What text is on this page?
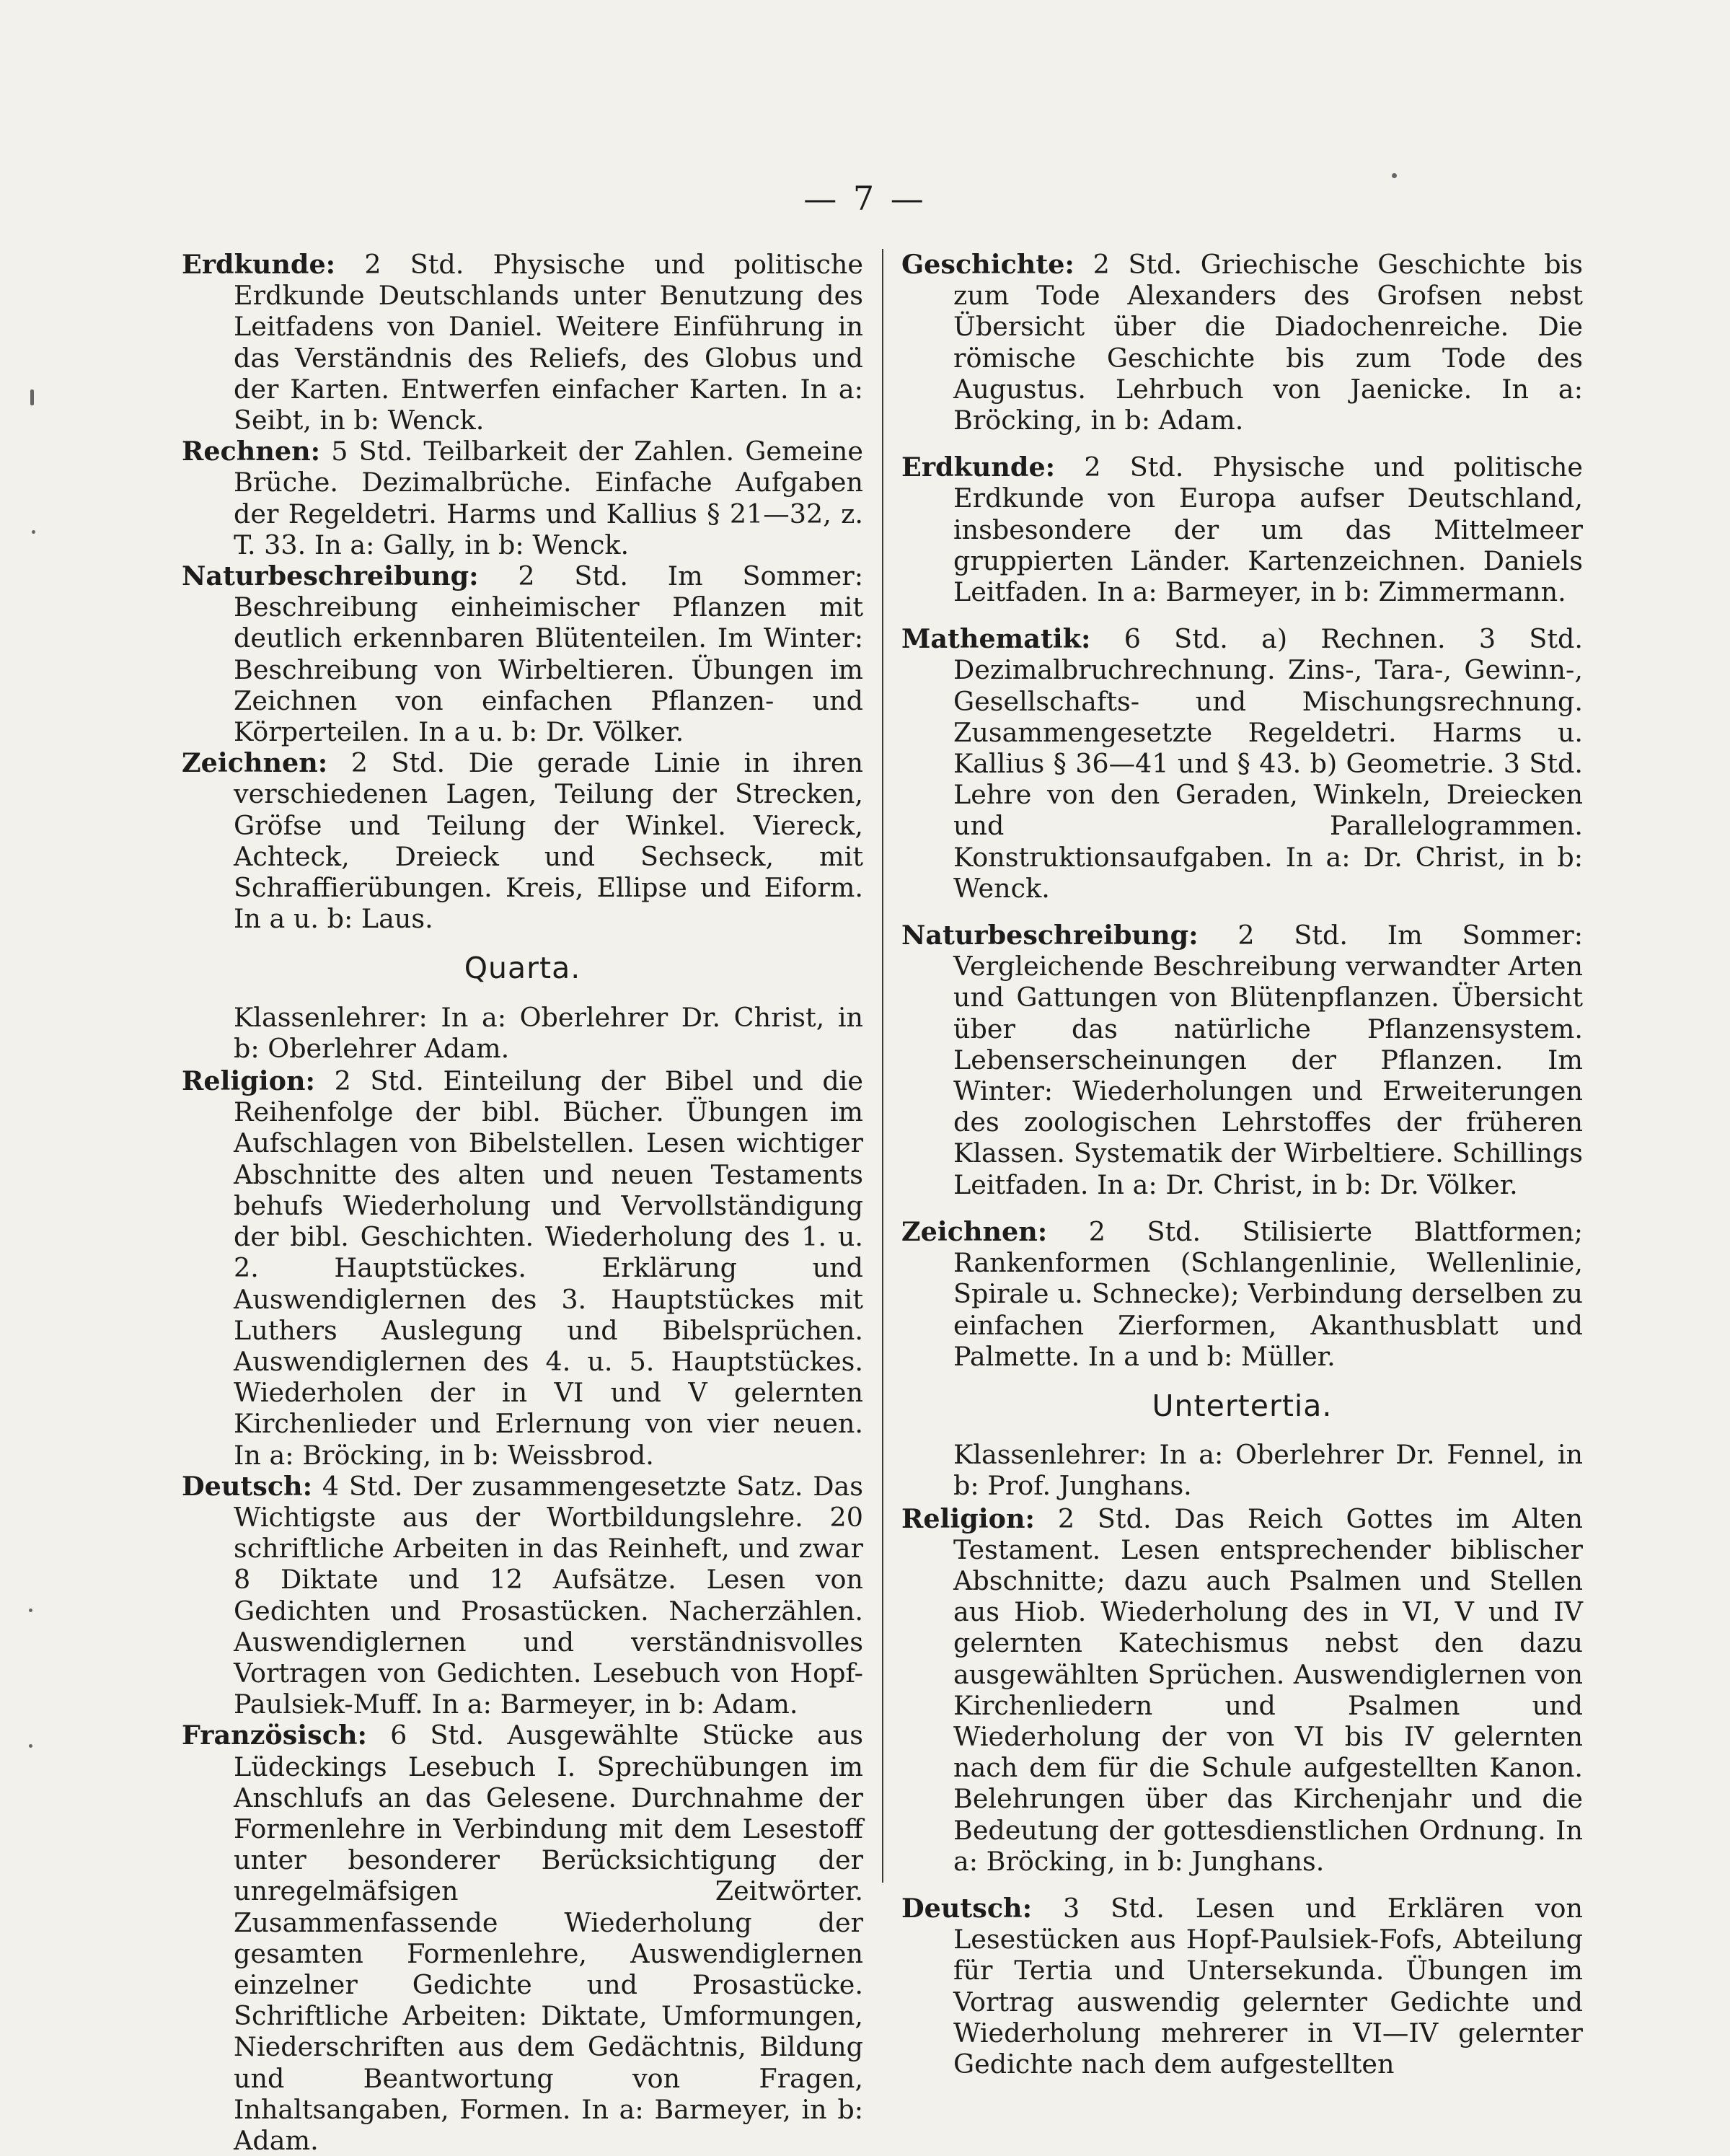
— 7 —

Erdkunde: 2 Std. Physische und politische Erdkunde Deutschlands unter Benutzung des Leitfadens von Daniel. Weitere Einführung in das Verständnis des Reliefs, des Globus und der Karten. Entwerfen einfacher Karten. In a: Seibt, in b: Wenck.

Rechnen: 5 Std. Teilbarkeit der Zahlen. Gemeine Brüche. Dezimalbrüche. Einfache Aufgaben der Regeldetri. Harms und Kallius § 21—32, z. T. 33. In a: Gally, in b: Wenck.

Naturbeschreibung: 2 Std. Im Sommer: Beschreibung einheimischer Pflanzen mit deutlich erkennbaren Blütenteilen. Im Winter: Beschreibung von Wirbeltieren. Übungen im Zeichnen von einfachen Pflanzen- und Körperteilen. In a u. b: Dr. Völker.

Zeichnen: 2 Std. Die gerade Linie in ihren verschiedenen Lagen, Teilung der Strecken, Gröfse und Teilung der Winkel. Viereck, Achteck, Dreieck und Sechseck, mit Schraffierübungen. Kreis, Ellipse und Eiform. In a u. b: Laus.

Quarta.

Klassenlehrer: In a: Oberlehrer Dr. Christ, in b: Oberlehrer Adam.

Religion: 2 Std. Einteilung der Bibel und die Reihenfolge der bibl. Bücher. Übungen im Aufschlagen von Bibelstellen. Lesen wichtiger Abschnitte des alten und neuen Testaments behufs Wiederholung und Vervollständigung der bibl. Geschichten. Wiederholung des 1. u. 2. Hauptstückes. Erklärung und Auswendiglernen des 3. Hauptstückes mit Luthers Auslegung und Bibelsprüchen. Auswendiglernen des 4. u. 5. Hauptstückes. Wiederholen der in VI und V gelernten Kirchenlieder und Erlernung von vier neuen. In a: Bröcking, in b: Weissbrod.

Deutsch: 4 Std. Der zusammengesetzte Satz. Das Wichtigste aus der Wortbildungslehre. 20 schriftliche Arbeiten in das Reinheft, und zwar 8 Diktate und 12 Aufsätze. Lesen von Gedichten und Prosastücken. Nacherzählen. Auswendiglernen und verständnisvolles Vortragen von Gedichten. Lesebuch von Hopf-Paulsiek-Muff. In a: Barmeyer, in b: Adam.

Französisch: 6 Std. Ausgewählte Stücke aus Lüdeckings Lesebuch I. Sprechübungen im Anschlufs an das Gelesene. Durchnahme der Formenlehre in Verbindung mit dem Lesestoff unter besonderer Berücksichtigung der unregelmäfsigen Zeitwörter. Zusammenfassende Wiederholung der gesamten Formenlehre, Auswendiglernen einzelner Gedichte und Prosastücke. Schriftliche Arbeiten: Diktate, Umformungen, Niederschriften aus dem Gedächtnis, Bildung und Beantwortung von Fragen, Inhaltsangaben, Formen. In a: Barmeyer, in b: Adam.

Geschichte: 2 Std. Griechische Geschichte bis zum Tode Alexanders des Grofsen nebst Übersicht über die Diadochenreiche. Die römische Geschichte bis zum Tode des Augustus. Lehrbuch von Jaenicke. In a: Bröcking, in b: Adam.

Erdkunde: 2 Std. Physische und politische Erdkunde von Europa aufser Deutschland, insbesondere der um das Mittelmeer gruppierten Länder. Kartenzeichnen. Daniels Leitfaden. In a: Barmeyer, in b: Zimmermann.

Mathematik: 6 Std. a) Rechnen. 3 Std. Dezimalbruchrechnung. Zins-, Tara-, Gewinn-, Gesellschafts- und Mischungsrechnung. Zusammengesetzte Regeldetri. Harms u. Kallius § 36—41 und § 43. b) Geometrie. 3 Std. Lehre von den Geraden, Winkeln, Dreiecken und Parallelogrammen. Konstruktionsaufgaben. In a: Dr. Christ, in b: Wenck.

Naturbeschreibung: 2 Std. Im Sommer: Vergleichende Beschreibung verwandter Arten und Gattungen von Blütenpflanzen. Übersicht über das natürliche Pflanzensystem. Lebenserscheinungen der Pflanzen. Im Winter: Wiederholungen und Erweiterungen des zoologischen Lehrstoffes der früheren Klassen. Systematik der Wirbeltiere. Schillings Leitfaden. In a: Dr. Christ, in b: Dr. Völker.

Zeichnen: 2 Std. Stilisierte Blattformen; Rankenformen (Schlangenlinie, Wellenlinie, Spirale u. Schnecke); Verbindung derselben zu einfachen Zierformen, Akanthusblatt und Palmette. In a und b: Müller.

Untertertia.

Klassenlehrer: In a: Oberlehrer Dr. Fennel, in b: Prof. Junghans.

Religion: 2 Std. Das Reich Gottes im Alten Testament. Lesen entsprechender biblischer Abschnitte; dazu auch Psalmen und Stellen aus Hiob. Wiederholung des in VI, V und IV gelernten Katechismus nebst den dazu ausgewählten Sprüchen. Auswendiglernen von Kirchenliedern und Psalmen und Wiederholung der von VI bis IV gelernten nach dem für die Schule aufgestellten Kanon. Belehrungen über das Kirchenjahr und die Bedeutung der gottesdienstlichen Ordnung. In a: Bröcking, in b: Junghans.

Deutsch: 3 Std. Lesen und Erklären von Lesestücken aus Hopf-Paulsiek-Fofs, Abteilung für Tertia und Untersekunda. Übungen im Vortrag auswendig gelernter Gedichte und Wiederholung mehrerer in VI—IV gelernter Gedichte nach dem aufgestellten
